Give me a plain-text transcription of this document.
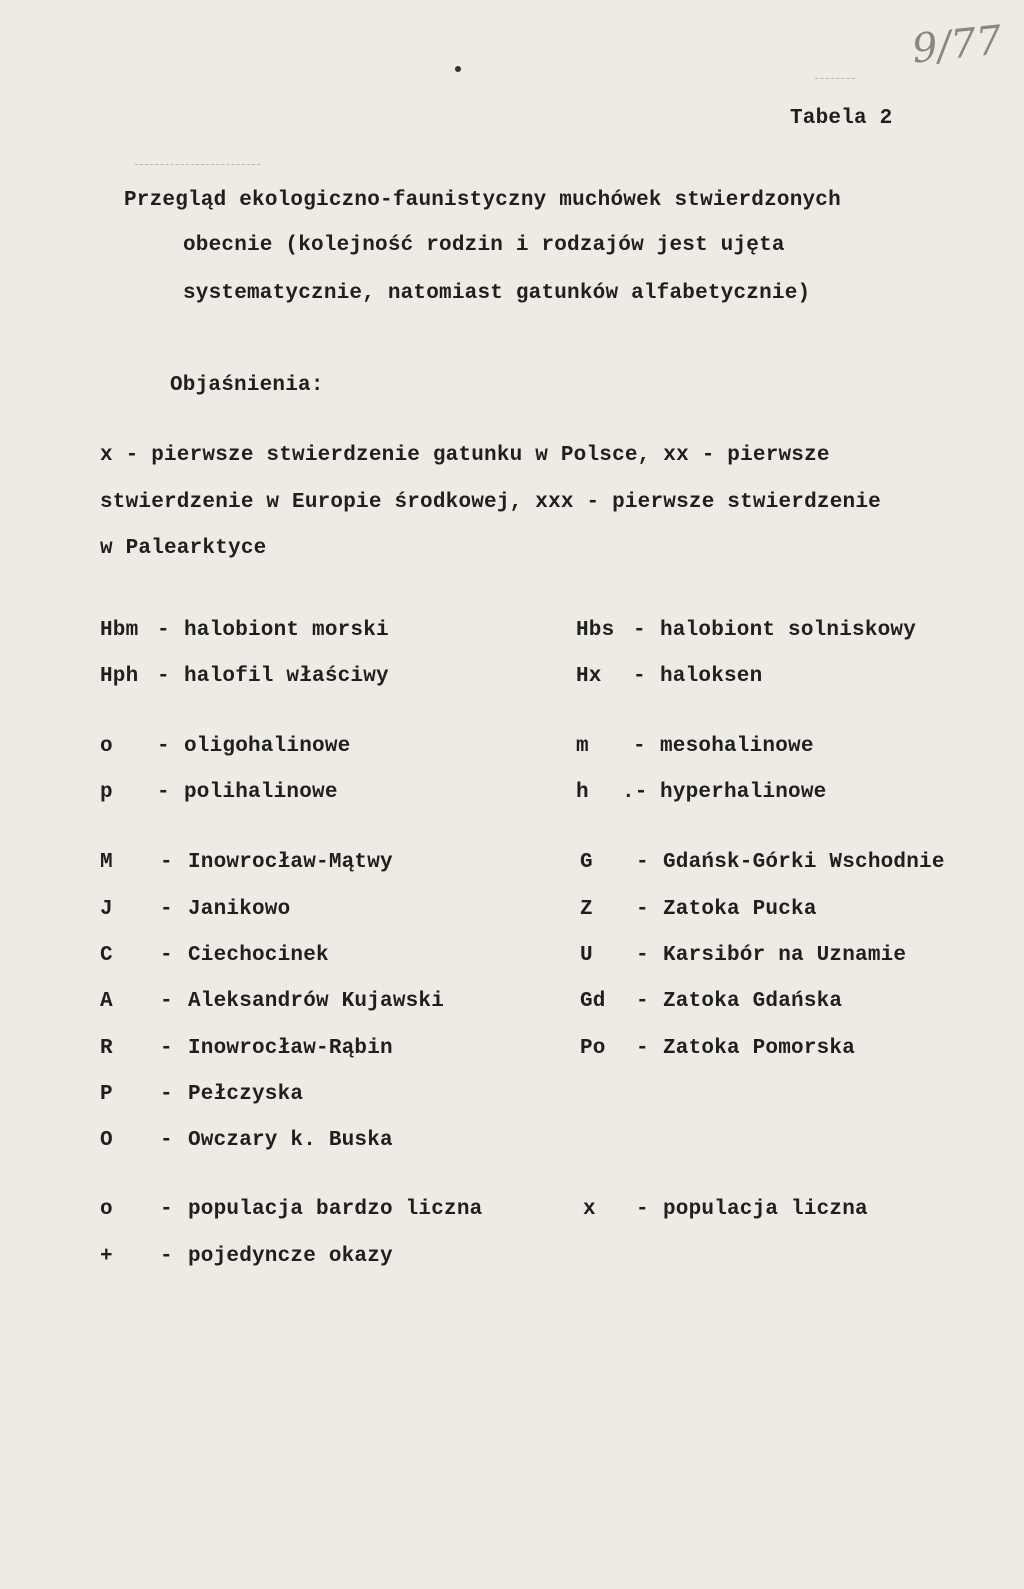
9/77
Tabela 2
Przegląd ekologiczno-faunistyczny muchówek stwierdzonych
obecnie (kolejność rodzin i rodzajów jest ujęta
systematycznie, natomiast gatunków alfabetycznie)
Objaśnienia:
x - pierwsze stwierdzenie gatunku w Polsce, xx - pierwsze
stwierdzenie w Europie środkowej, xxx - pierwsze stwierdzenie
w Palearktyce
Hbm - halobiont morski
Hph - halofil właściwy
Hbs - halobiont solniskowy
Hx - haloksen
o - oligohalinowe
p - polihalinowe
m - mesohalinowe
h .- hyperhalinowe
M - Inowrocław-Mątwy
J - Janikowo
C - Ciechocinek
A - Aleksandrów Kujawski
R - Inowrocław-Rąbin
P - Pełczyska
O - Owczary k. Buska
G - Gdańsk-Górki Wschodnie
Z - Zatoka Pucka
U - Karsibór na Uznamie
Gd - Zatoka Gdańska
Po - Zatoka Pomorska
o - populacja bardzo liczna
+ - pojedyncze okazy
x - populacja liczna
